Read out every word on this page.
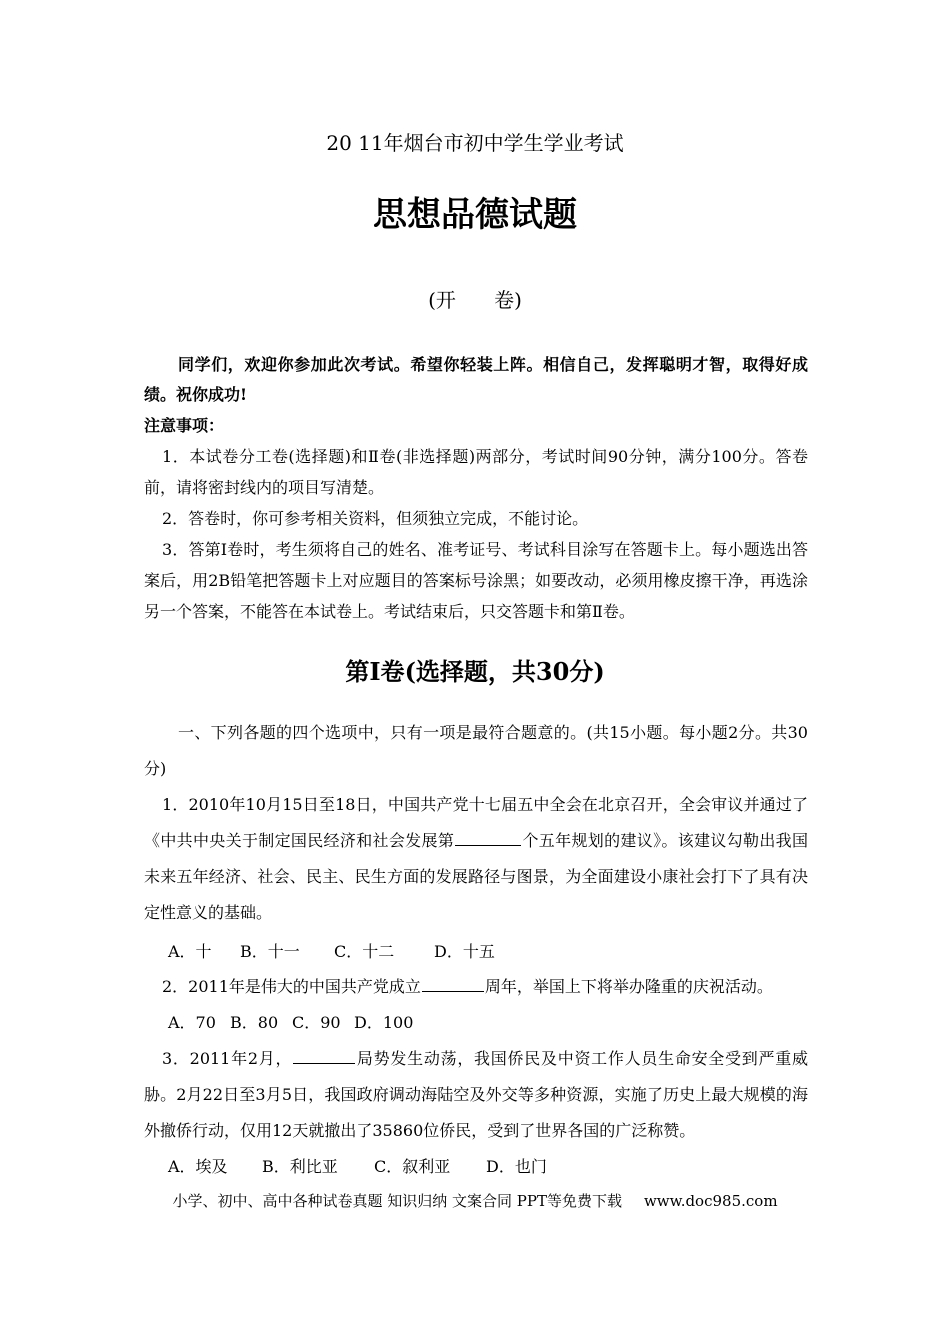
20 11年烟台市初中学生学业考试

思想品德试题

(开      卷)

同学们，欢迎你参加此次考试。希望你轻装上阵。相信自己，发挥聪明才智，取得好成绩。祝你成功!

注意事项：

1．本试卷分工卷(选择题)和Ⅱ卷(非选择题)两部分，考试时间90分钟，满分100分。答卷前，请将密封线内的项目写清楚。

2．答卷时，你可参考相关资料，但须独立完成，不能讨论。

3．答第I卷时，考生须将自己的姓名、准考证号、考试科目涂写在答题卡上。每小题选出答案后，用2B铅笔把答题卡上对应题目的答案标号涂黑；如要改动，必须用橡皮擦干净，再选涂另一个答案，不能答在本试卷上。考试结束后，只交答题卡和第Ⅱ卷。

第Ⅰ卷(选择题，共30分)

一、下列各题的四个选项中，只有一项是最符合题意的。(共15小题。每小题2分。共30分)

1．2010年10月15日至18日，中国共产党十七届五中全会在北京召开，全会审议并通过了《中共中央关于制定国民经济和社会发展第	个五年规划的建议》。该建议勾勒出我国未来五年经济、社会、民主、民生方面的发展路径与图景，为全面建设小康社会打下了具有决定性意义的基础。

A．十 B．十一 C．十二 D．十五

2．2011年是伟大的中国共产党成立	周年，举国上下将举办隆重的庆祝活动。

A．70 B．80 C．90 D．100

3．2011年2月，	局势发生动荡，我国侨民及中资工作人员生命安全受到严重威胁。2月22日至3月5日，我国政府调动海陆空及外交等多种资源，实施了历史上最大规模的海外撤侨行动，仅用12天就撤出了35860位侨民，受到了世界各国的广泛称赞。

A．埃及 B．利比亚 C．叙利亚 D．也门

小学、初中、高中各种试卷真题 知识归纳 文案合同 PPT等免费下载 www.doc985.com
